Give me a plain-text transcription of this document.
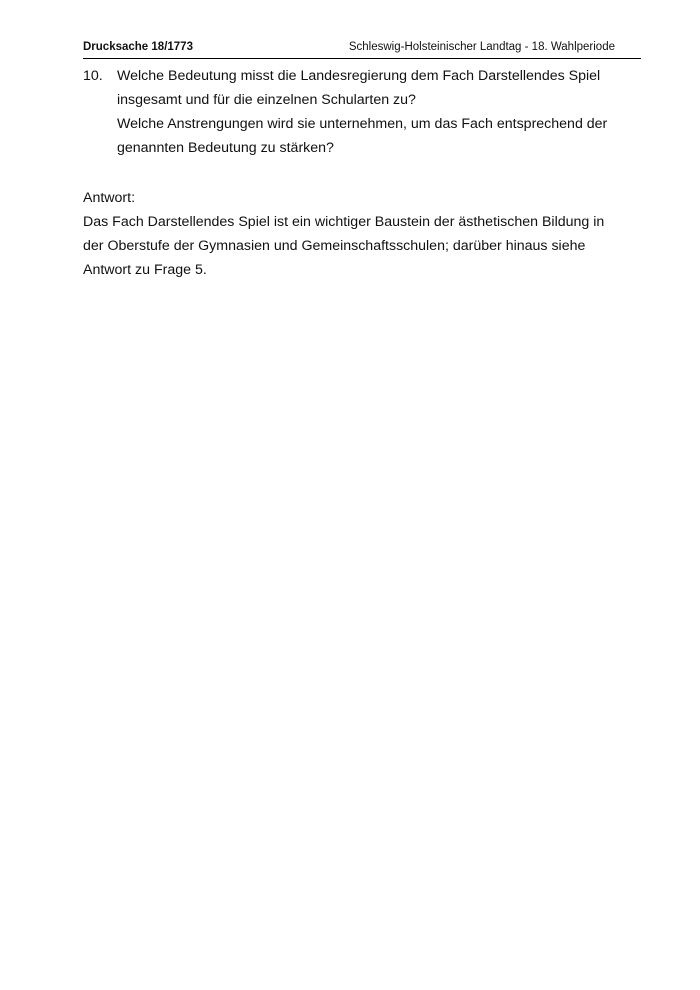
Drucksache 18/1773	Schleswig-Holsteinischer Landtag - 18. Wahlperiode
10. Welche Bedeutung misst die Landesregierung dem Fach Darstellendes Spiel
insgesamt und für die einzelnen Schularten zu?
Welche Anstrengungen wird sie unternehmen, um das Fach entsprechend der
genannten Bedeutung zu stärken?
Antwort:
Das Fach Darstellendes Spiel ist ein wichtiger Baustein der ästhetischen Bildung in
der Oberstufe der Gymnasien und Gemeinschaftsschulen; darüber hinaus siehe
Antwort zu Frage 5.
